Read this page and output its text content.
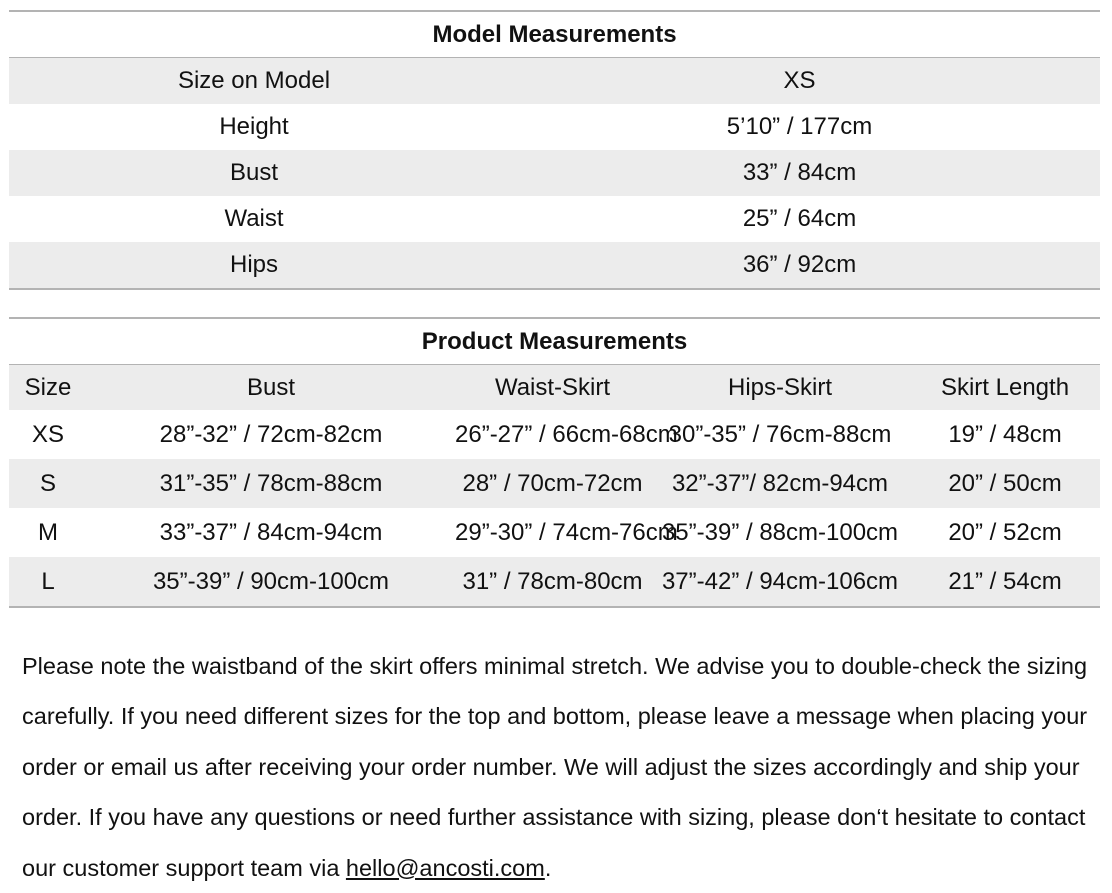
Model Measurements	
Size on Model	XS
Height	5’10” / 177cm
Bust	33” / 84cm
Waist	25” / 64cm
Hips	36” / 92cm
Product Measurements				
Size	Bust	Waist-Skirt	Hips-Skirt	Skirt Length
XS	28”-32” / 72cm-82cm	26”-27” / 66cm-68cm	30”-35” / 76cm-88cm	19” / 48cm
S	31”-35” / 78cm-88cm	28” / 70cm-72cm	32”-37”/ 82cm-94cm	20” / 50cm
M	33”-37” / 84cm-94cm	29”-30” / 74cm-76cm	35”-39” / 88cm-100cm	20” / 52cm
L	35”-39” / 90cm-100cm	31” / 78cm-80cm	37”-42” / 94cm-106cm	21” / 54cm

Please note the waistband of the skirt offers minimal stretch. We advise you to double-check the sizing carefully. If you need different sizes for the top and bottom, please leave a message when placing your order or email us after receiving your order number. We will adjust the sizes accordingly and ship your order. If you have any questions or need further assistance with sizing, please don‘t hesitate to contact our customer support team via hello@ancosti.com.
